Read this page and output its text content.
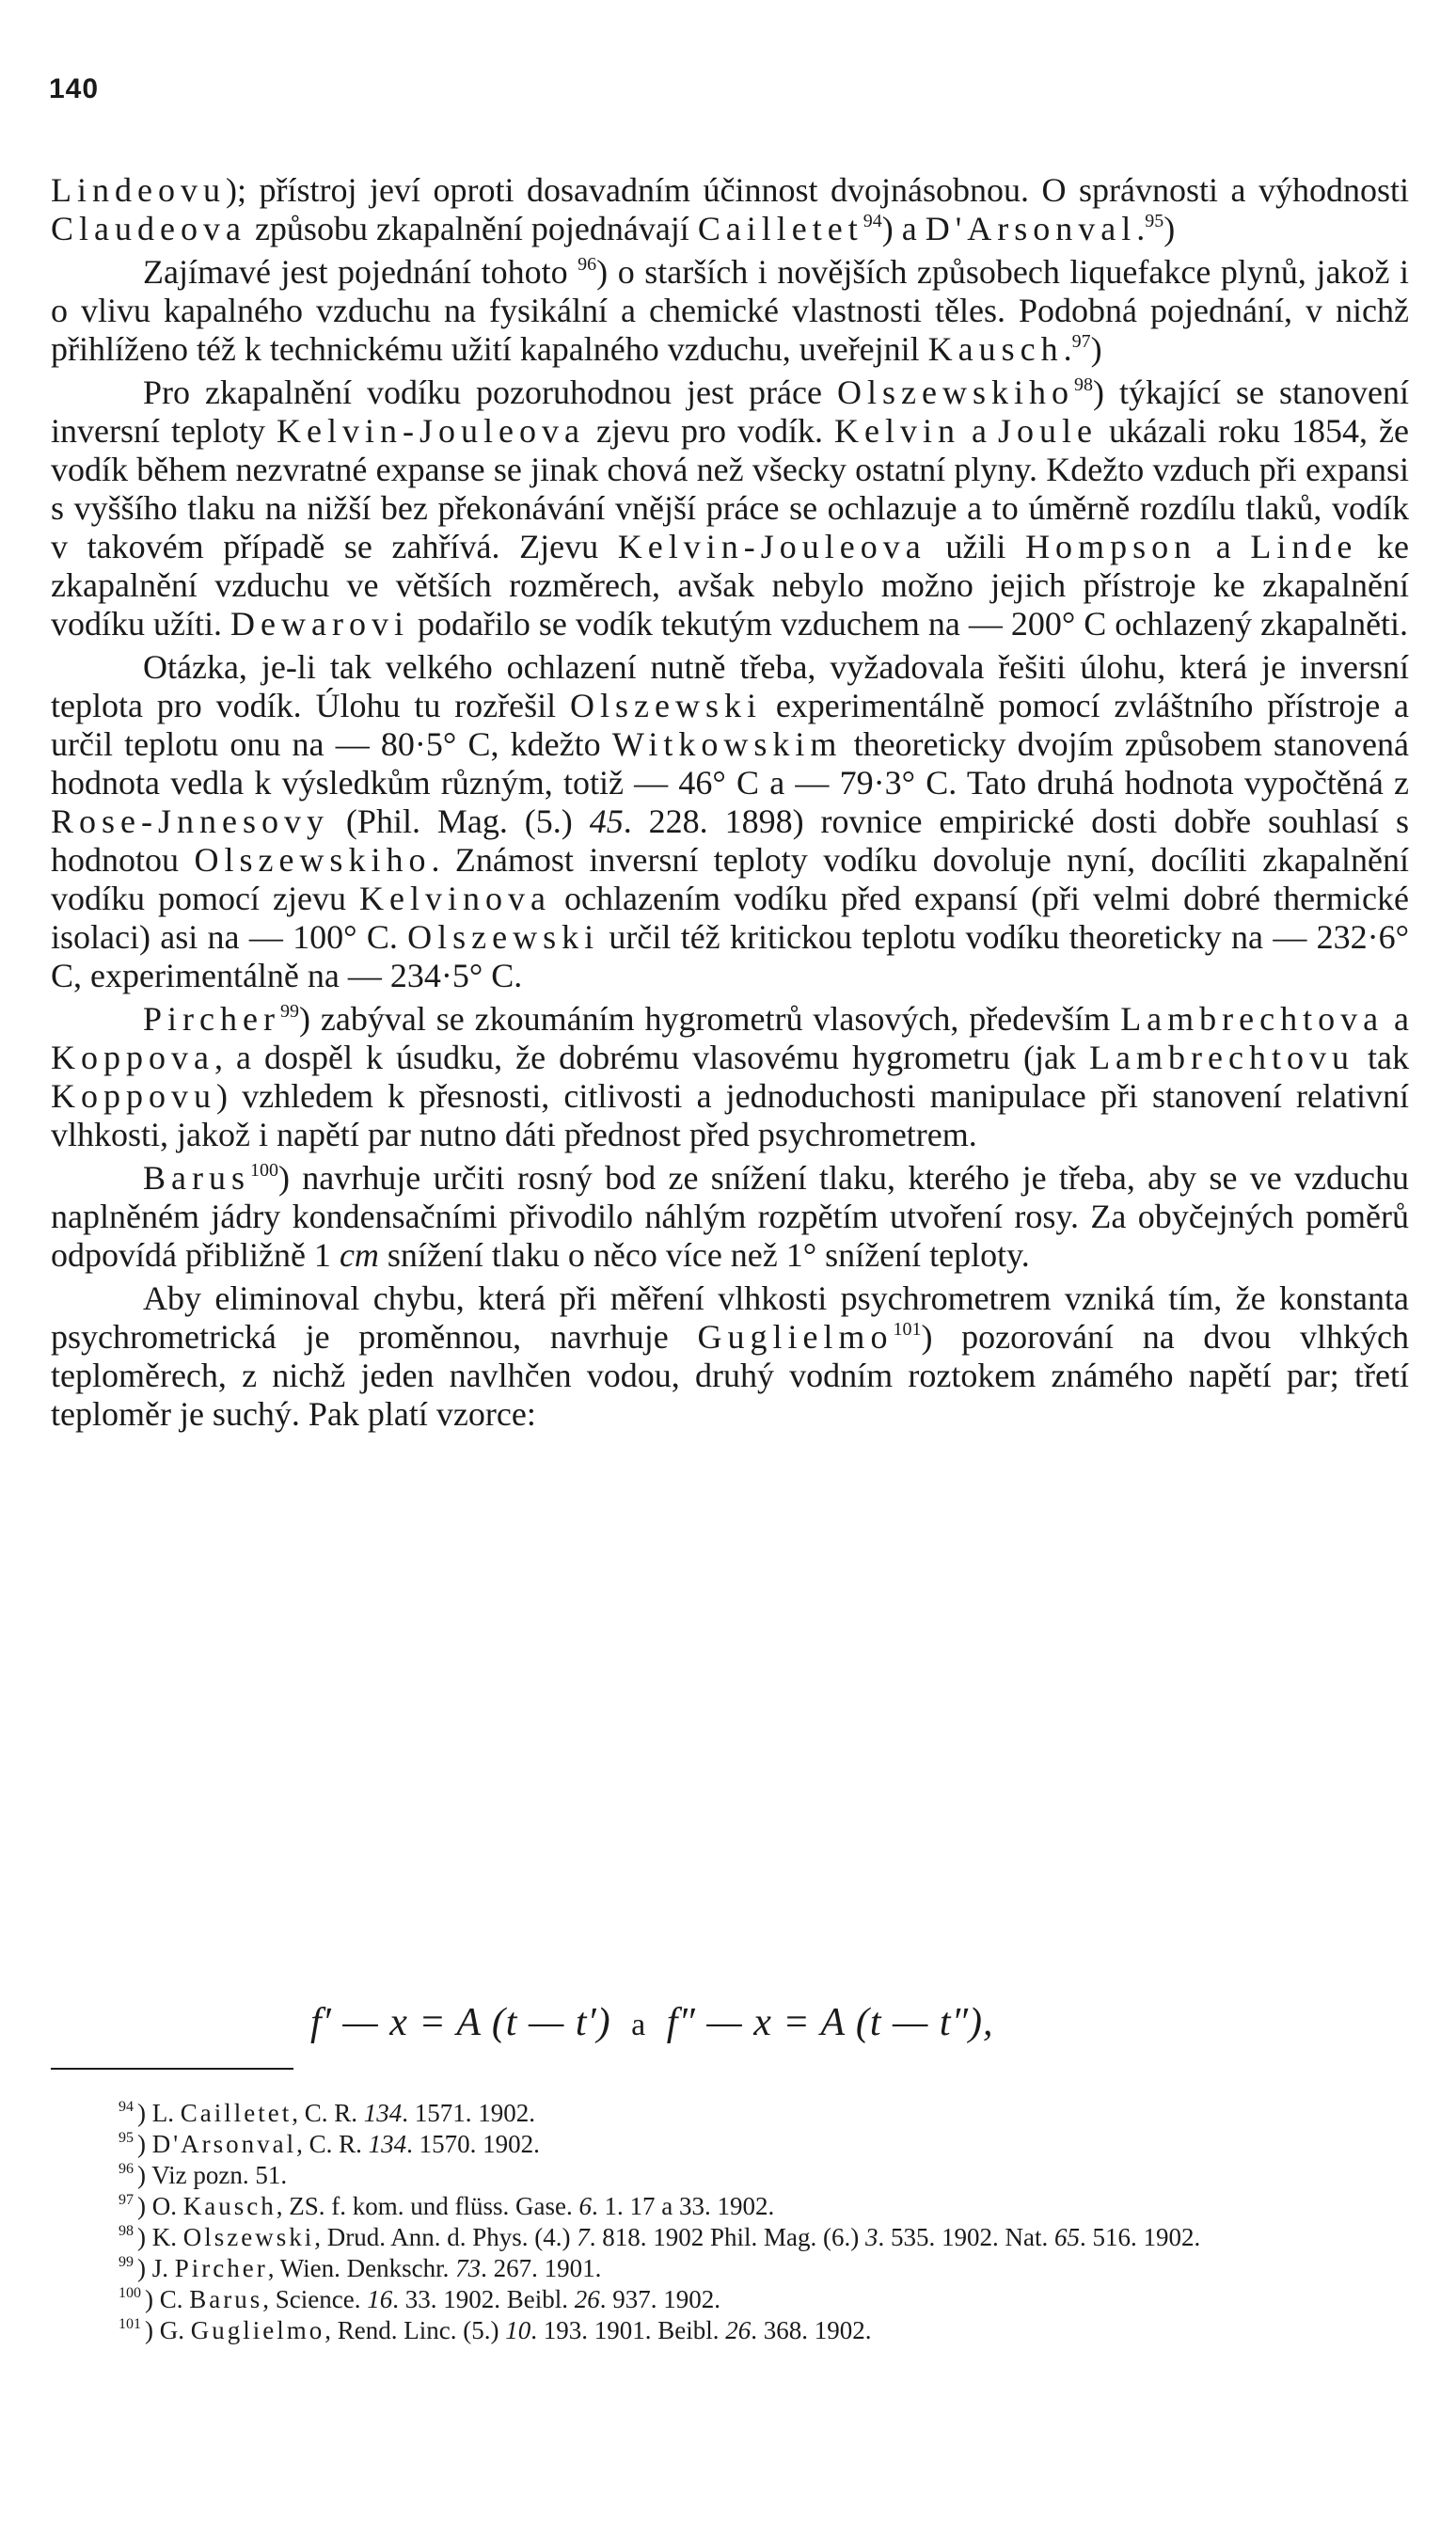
140

Lindeovu); přístroj jeví oproti dosavadním účinnost dvojnásobnou. O správnosti a výhodnosti Claudeova způsobu zkapalnění pojednávají Cailletet$^{94}$) a D'Arsonval.$^{95}$)

Zajímavé jest pojednání tohoto $^{96}$) o starších i novějších způsobech liquefakce plynů, jakož i o vlivu kapalného vzduchu na fysikální a chemické vlastnosti těles. Podobná pojednání, v nichž přihlíženo též k technickému užití kapalného vzduchu, uveřejnil Kausch.$^{97}$)

Pro zkapalnění vodíku pozoruhodnou jest práce Olszewskiho$^{98}$) týkající se stanovení inversní teploty Kelvin-Jouleova zjevu pro vodík. Kelvin a Joule ukázali roku 1854, že vodík během nezvratné expanse se jinak chová než všecky ostatní plyny. Kdežto vzduch při expansi s vyššího tlaku na nižší bez překonávání vnější práce se ochlazuje a to úměrně rozdílu tlaků, vodík v takovém případě se zahřívá. Zjevu Kelvin-Jouleova užili Hompson a Linde ke zkapalnění vzduchu ve větších rozměrech, avšak nebylo možno jejich přístroje ke zkapalnění vodíku užíti. Dewarovi podařilo se vodík tekutým vzduchem na — 200° C ochlazený zkapalněti.

Otázka, je-li tak velkého ochlazení nutně třeba, vyžadovala řešiti úlohu, která je inversní teplota pro vodík. Úlohu tu rozřešil Olszewski experimentálně pomocí zvláštního přístroje a určil teplotu onu na — 80·5° C, kdežto Witkowskim theoreticky dvojím způsobem stanovená hodnota vedla k výsledkům různým, totiž — 46° C a — 79·3° C. Tato druhá hodnota vypočtěná z Rose-Jnnesovy (Phil. Mag. (5.) 45. 228. 1898) rovnice empirické dosti dobře souhlasí s hodnotou Olszewskiho. Známost inversní teploty vodíku dovoluje nyní, docíliti zkapalnění vodíku pomocí zjevu Kelvinova ochlazením vodíku před expansí (při velmi dobré thermické isolaci) asi na — 100° C. Olszewski určil též kritickou teplotu vodíku theoreticky na — 232·6° C, experimentálně na — 234·5° C.

Pircher$^{99}$) zabýval se zkoumáním hygrometrů vlasových, především Lambrechtova a Koppova, a dospěl k úsudku, že dobrému vlasovému hygrometru (jak Lambrechtovu tak Koppovu) vzhledem k přesnosti, citlivosti a jednoduchosti manipulace při stanovení relativní vlhkosti, jakož i napětí par nutno dáti přednost před psychrometrem.

Barus$^{100}$) navrhuje určiti rosný bod ze snížení tlaku, kterého je třeba, aby se ve vzduchu naplněném jádry kondensačními přivodilo náhlým rozpětím utvoření rosy. Za obyčejných poměrů odpovídá přibližně 1 cm snížení tlaku o něco více než 1° snížení teploty.

Aby eliminoval chybu, která při měření vlhkosti psychrometrem vzniká tím, že konstanta psychrometrická je proměnnou, navrhuje Guglielmo$^{101}$) pozorování na dvou vlhkých teploměrech, z nichž jeden navlhčen vodou, druhý vodním roztokem známého napětí par; třetí teploměr je suchý. Pak platí vzorce:

f′ — x = A (t — t′) a f″ — x = A (t — t″),

$^{94}$ ) L. Cailletet, C. R. 134. 1571. 1902.

$^{95}$ ) D'Arsonval, C. R. 134. 1570. 1902.

$^{96}$ ) Viz pozn. 51.

$^{97}$ ) O. Kausch, ZS. f. kom. und flüss. Gase. 6. 1. 17 a 33. 1902.

$^{98}$ ) K. Olszewski, Drud. Ann. d. Phys. (4.) 7. 818. 1902 Phil. Mag. (6.) 3. 535. 1902. Nat. 65. 516. 1902.

$^{99}$ ) J. Pircher, Wien. Denkschr. 73. 267. 1901.

$^{100}$ ) C. Barus, Science. 16. 33. 1902. Beibl. 26. 937. 1902.

$^{101}$ ) G. Guglielmo, Rend. Linc. (5.) 10. 193. 1901. Beibl. 26. 368. 1902.
